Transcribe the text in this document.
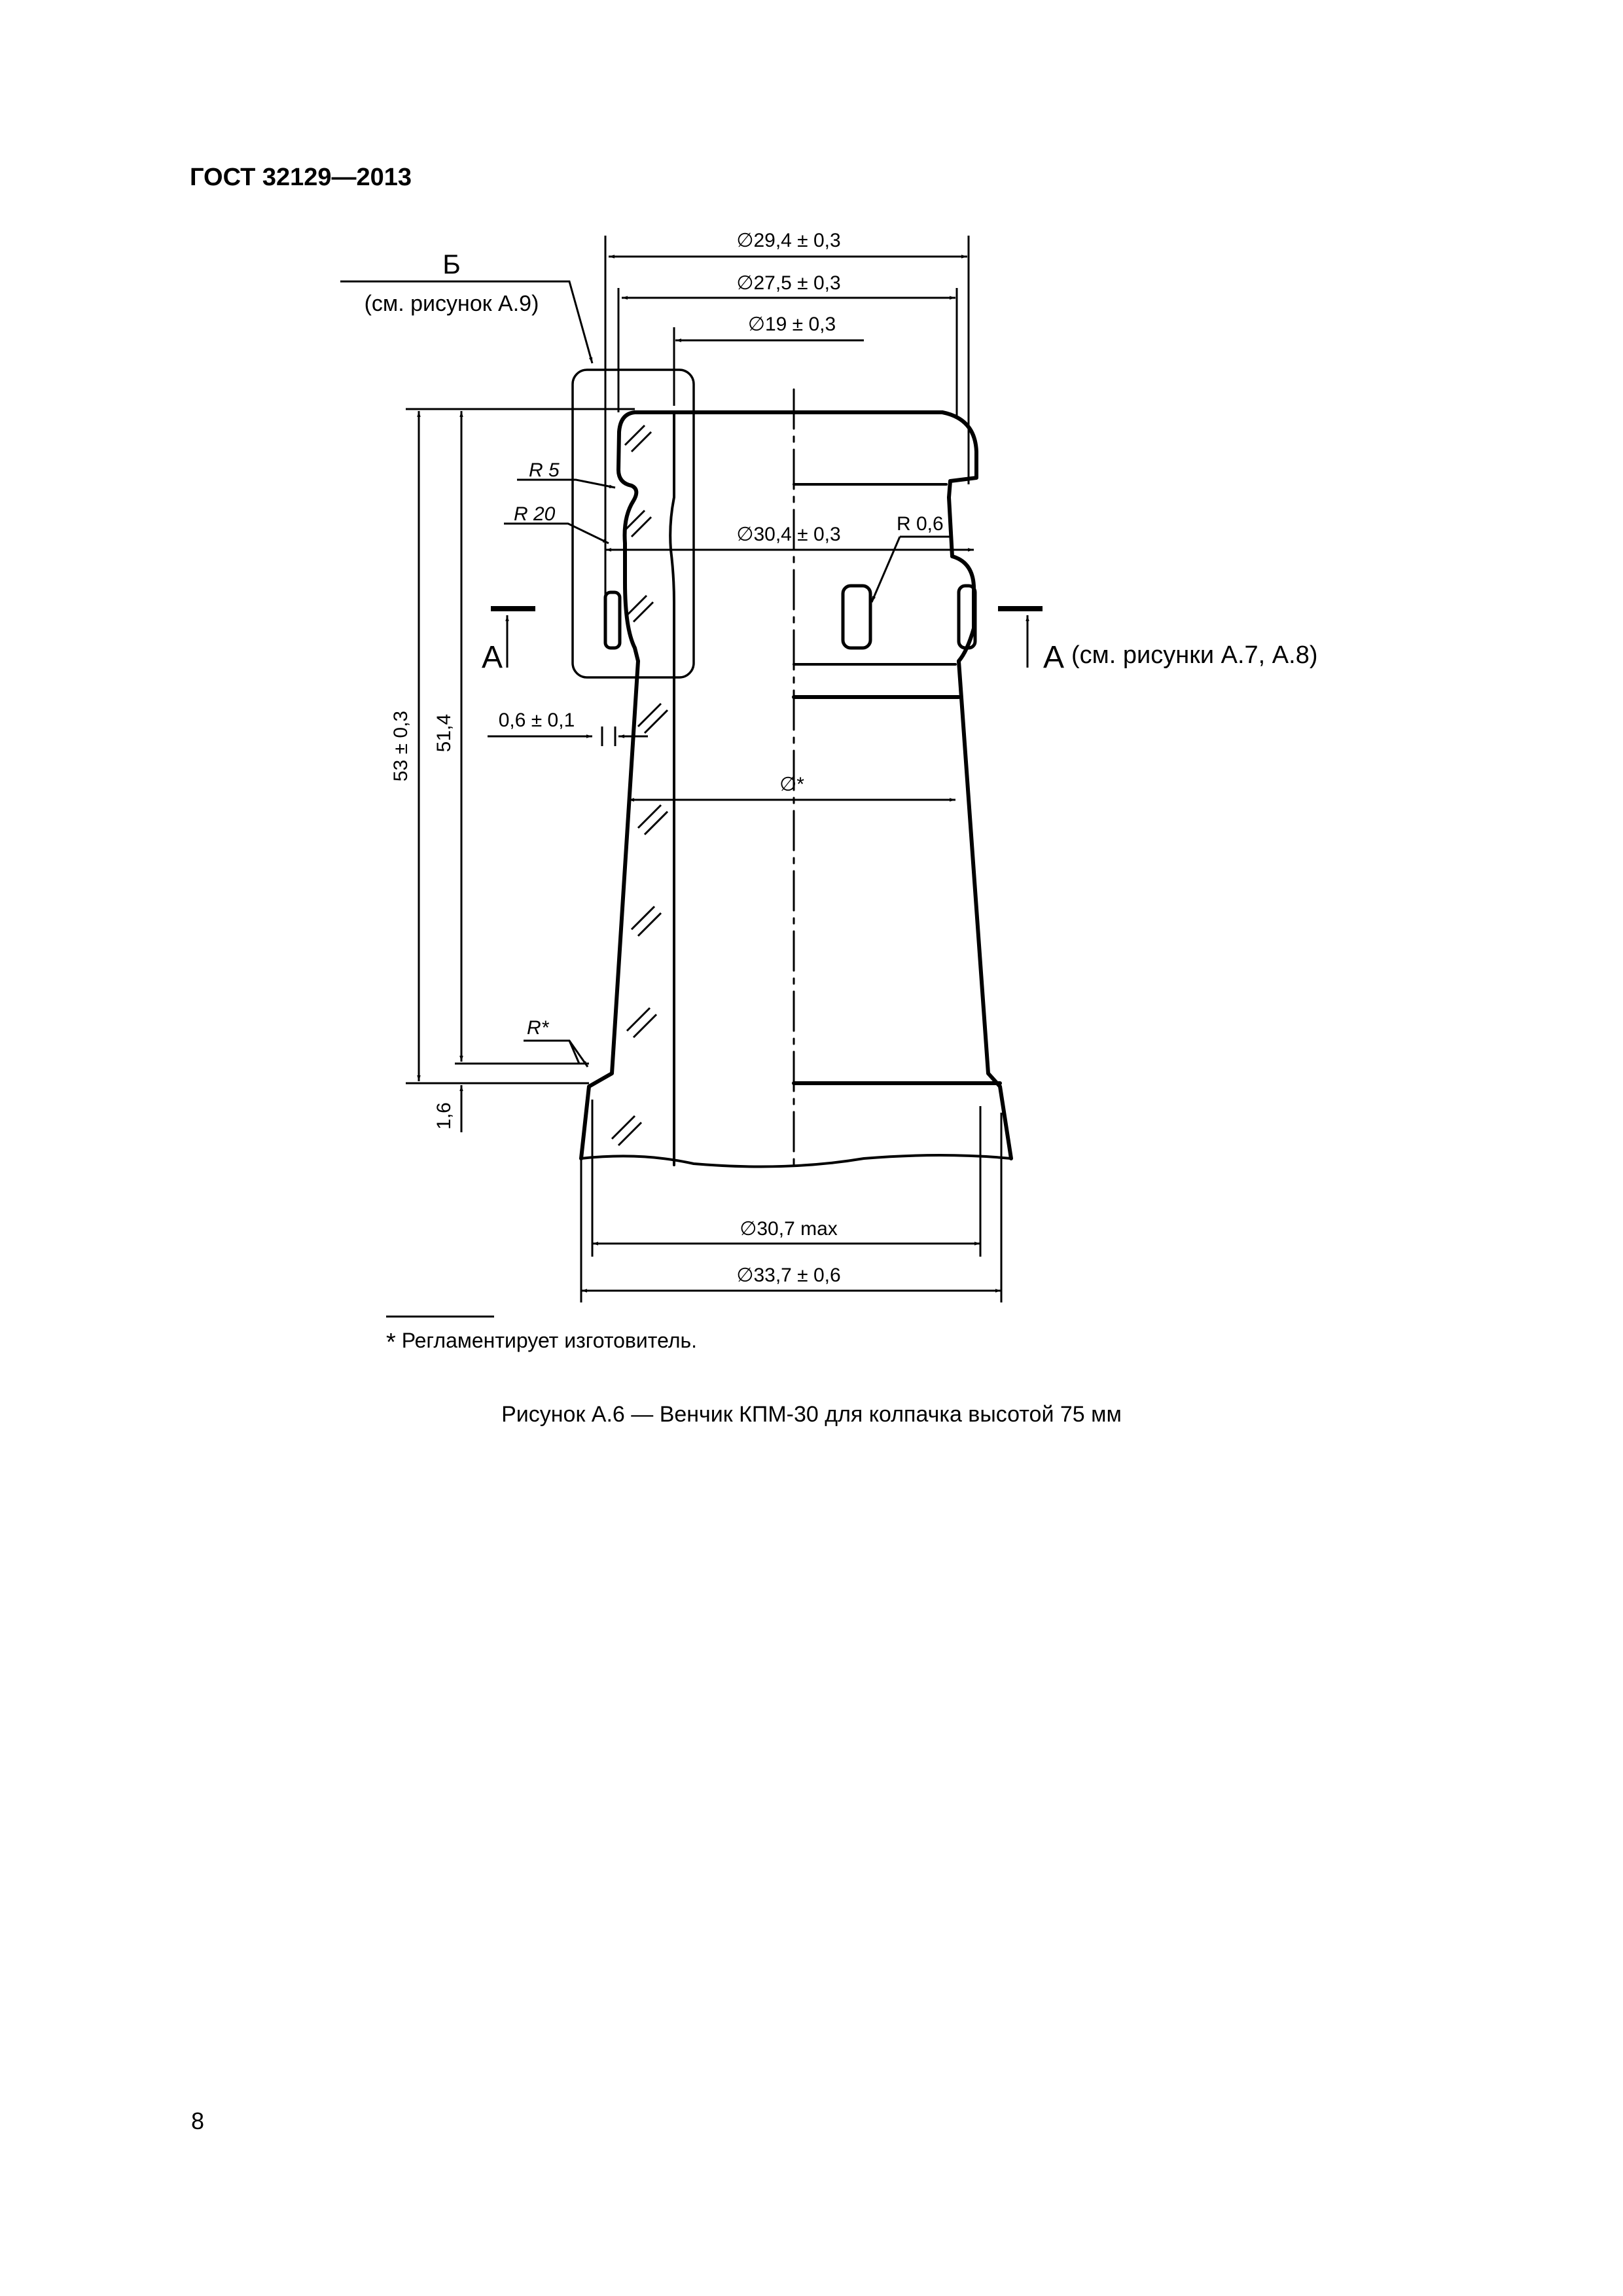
ГОСТ 32129—2013
Б
(см. рисунок А.9)
∅29,4 ± 0,3
∅27,5 ± 0,3
∅19 ± 0,3
R 5
R 20	R 0,6
∅30,4 ± 0,3
А	А (см. рисунки А.7, А.8)
0,6 ± 0,1
∅*
R*
∅30,7 max
∅33,7 ± 0,6
53 ± 0,3 51,4
1,6
* Регламентирует изготовитель.
Рисунок А.6 — Венчик КПМ-30 для колпачка высотой 75 мм
8
